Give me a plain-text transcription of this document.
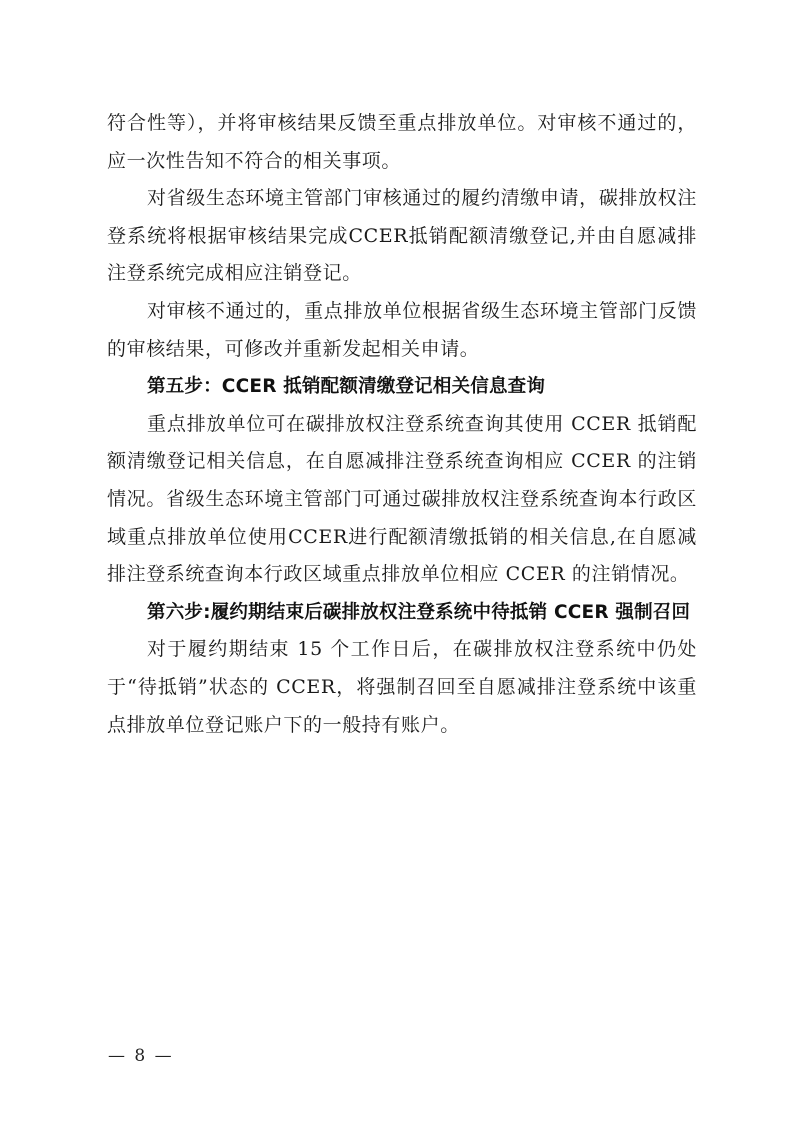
符合性等），并将审核结果反馈至重点排放单位。对审核不通过的，应一次性告知不符合的相关事项。

对省级生态环境主管部门审核通过的履约清缴申请，碳排放权注登系统将根据审核结果完成CCER抵销配额清缴登记,并由自愿减排注登系统完成相应注销登记。

对审核不通过的，重点排放单位根据省级生态环境主管部门反馈的审核结果，可修改并重新发起相关申请。

第五步：CCER 抵销配额清缴登记相关信息查询

重点排放单位可在碳排放权注登系统查询其使用 CCER 抵销配额清缴登记相关信息，在自愿减排注登系统查询相应 CCER 的注销情况。省级生态环境主管部门可通过碳排放权注登系统查询本行政区域重点排放单位使用CCER进行配额清缴抵销的相关信息,在自愿减排注登系统查询本行政区域重点排放单位相应 CCER 的注销情况。

第六步:履约期结束后碳排放权注登系统中待抵销 CCER 强制召回

对于履约期结束 15 个工作日后，在碳排放权注登系统中仍处于“待抵销”状态的 CCER，将强制召回至自愿减排注登系统中该重点排放单位登记账户下的一般持有账户。

— 8 —
